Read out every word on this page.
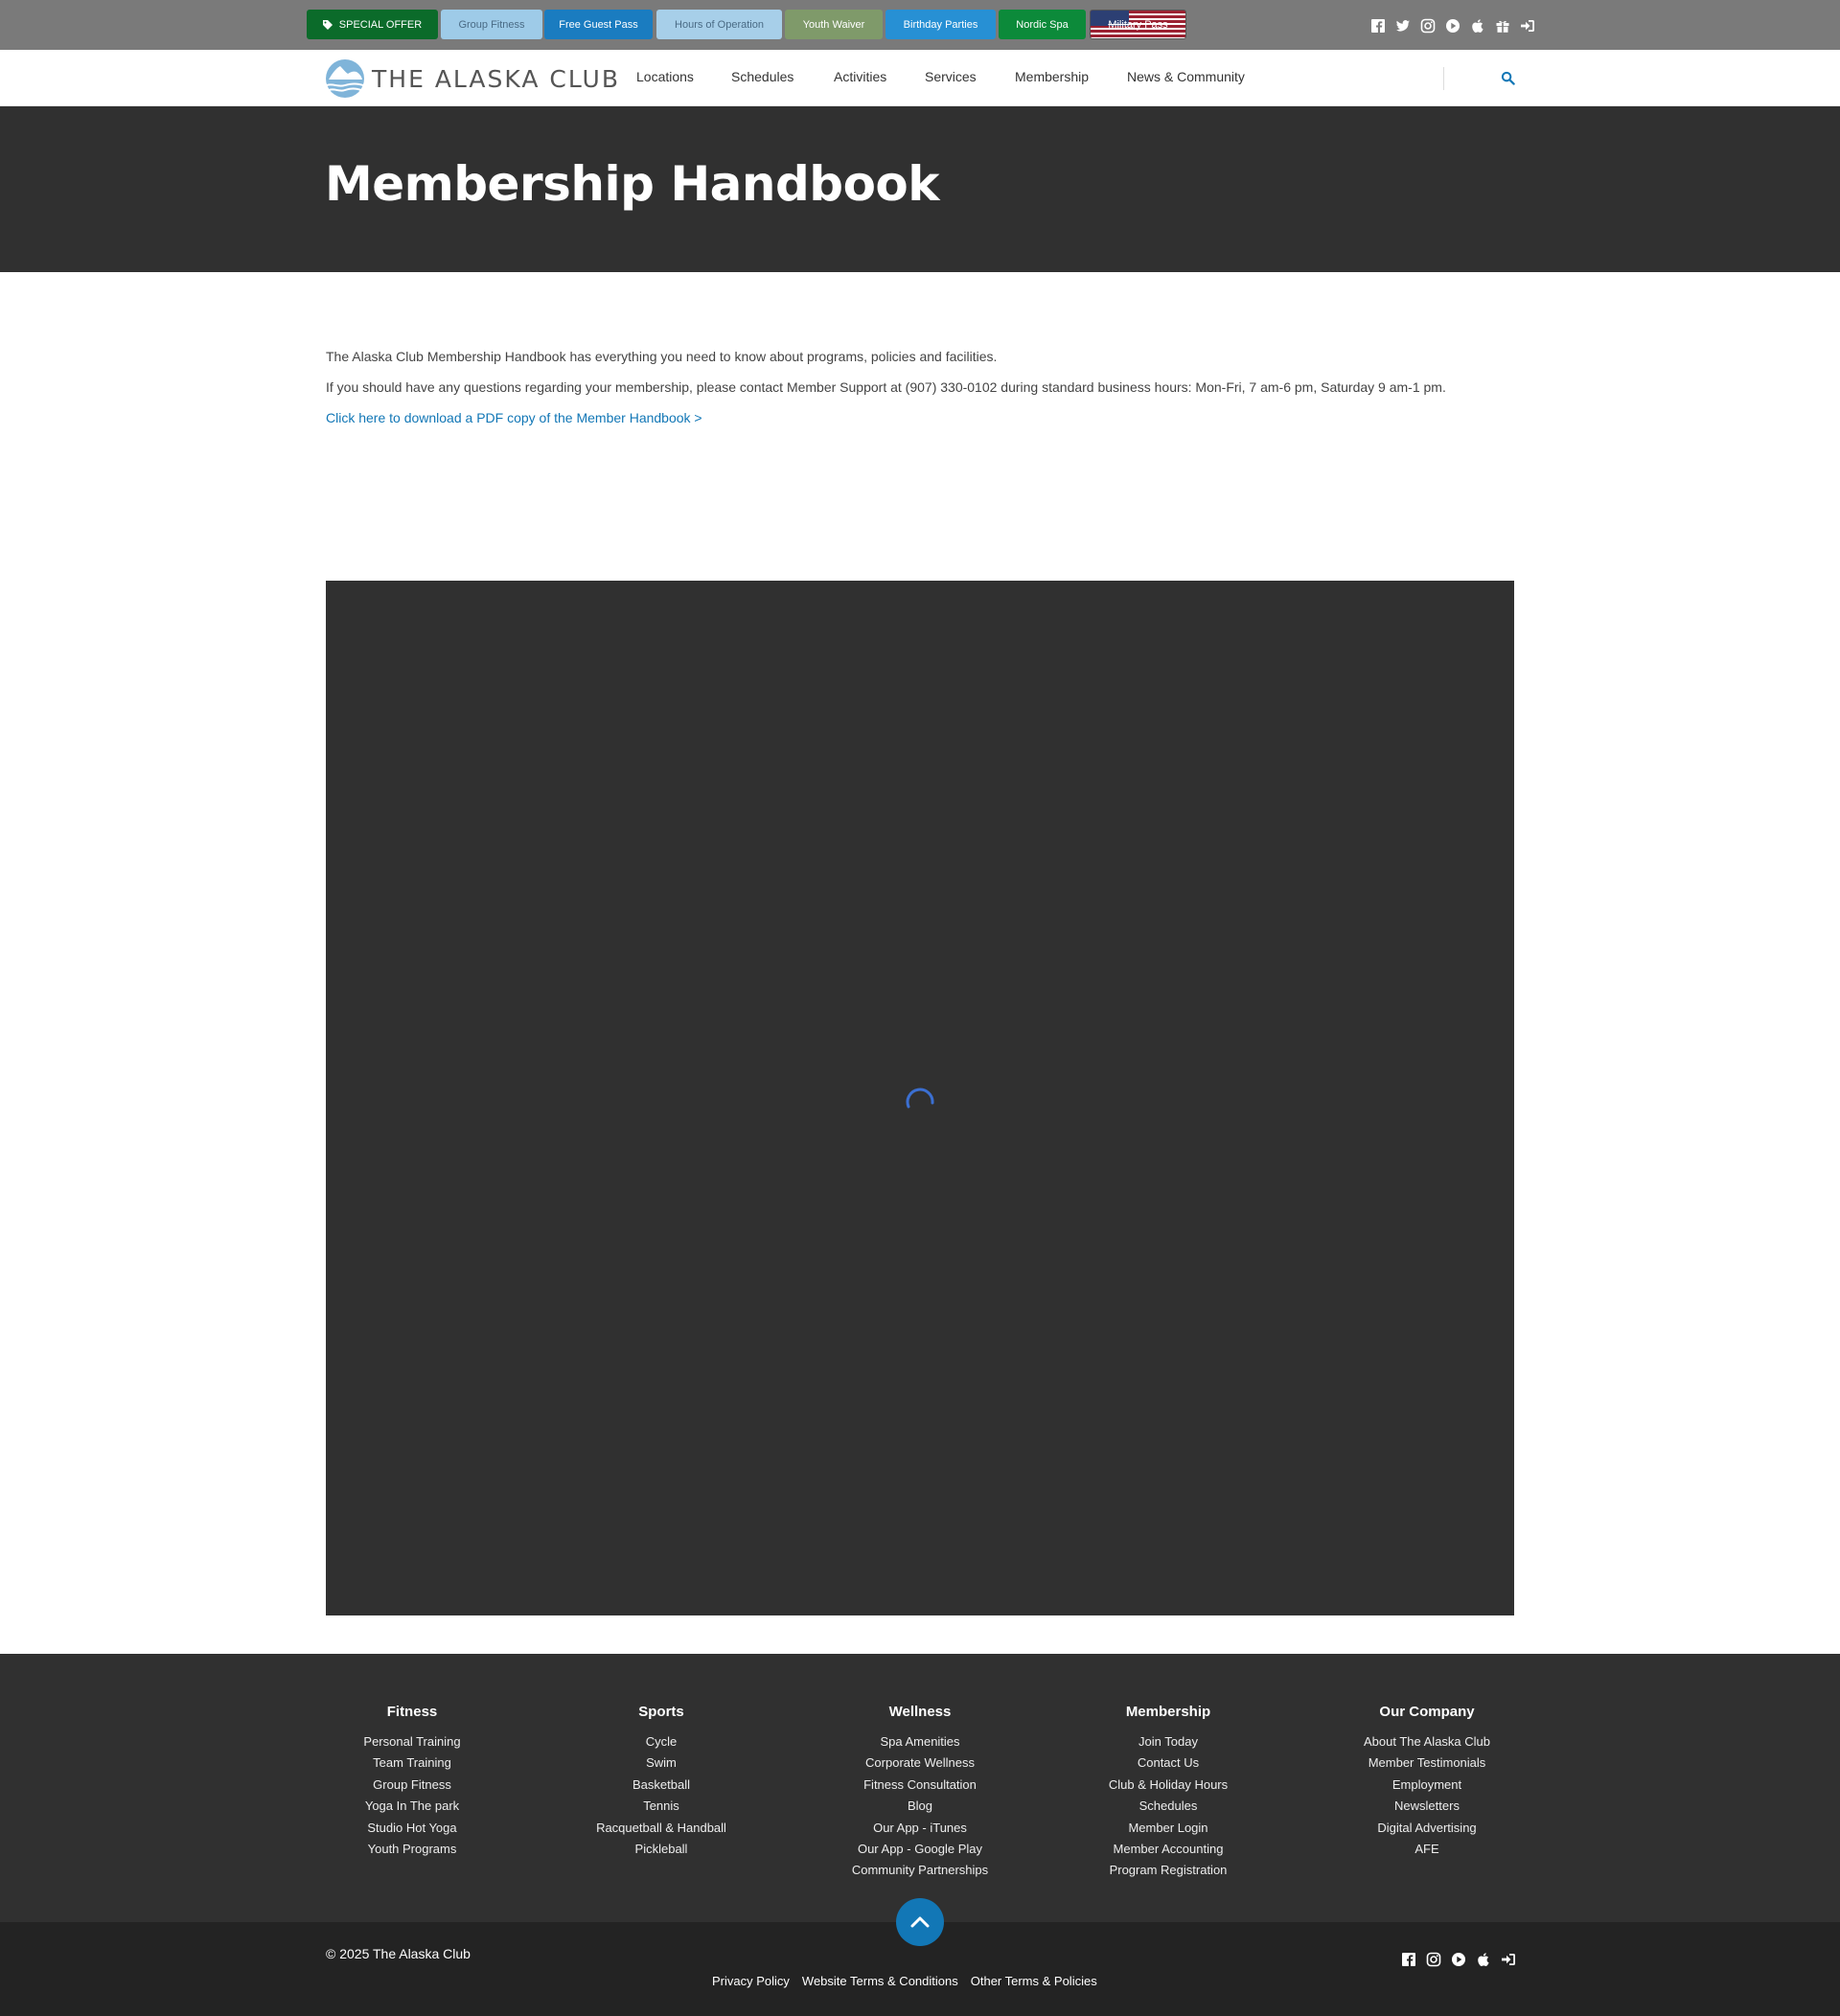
SPECIAL OFFER	Group Fitness	Free Guest Pass	Hours of Operation	Youth Waiver	Birthday Parties	Nordic Spa	Military Pass
THE ALASKA CLUB Locations	Schedules	Activities	Services	Membership	News & Community
Membership Handbook

The Alaska Club Membership Handbook has everything you need to know about programs, policies and facilities.

If you should have any questions regarding your membership, please contact Member Support at (907) 330-0102 during standard business hours: Mon-Fri, 7 am-6 pm, Saturday 9 am-1 pm.

Click here to download a PDF copy of the Member Handbook >

Fitness
Personal Training
Team Training
Group Fitness
Yoga In The park
Studio Hot Yoga
Youth Programs
Sports
Cycle
Swim
Basketball
Tennis
Racquetball & Handball
Pickleball
Wellness
Spa Amenities
Corporate Wellness
Fitness Consultation
Blog
Our App - iTunes
Our App - Google Play
Community Partnerships
Membership
Join Today
Contact Us
Club & Holiday Hours
Schedules
Member Login
Member Accounting
Program Registration
Our Company
About The Alaska Club
Member Testimonials
Employment
Newsletters
Digital Advertising
AFE
© 2025 The Alaska Club
Privacy Policy Website Terms & Conditions Other Terms & Policies
